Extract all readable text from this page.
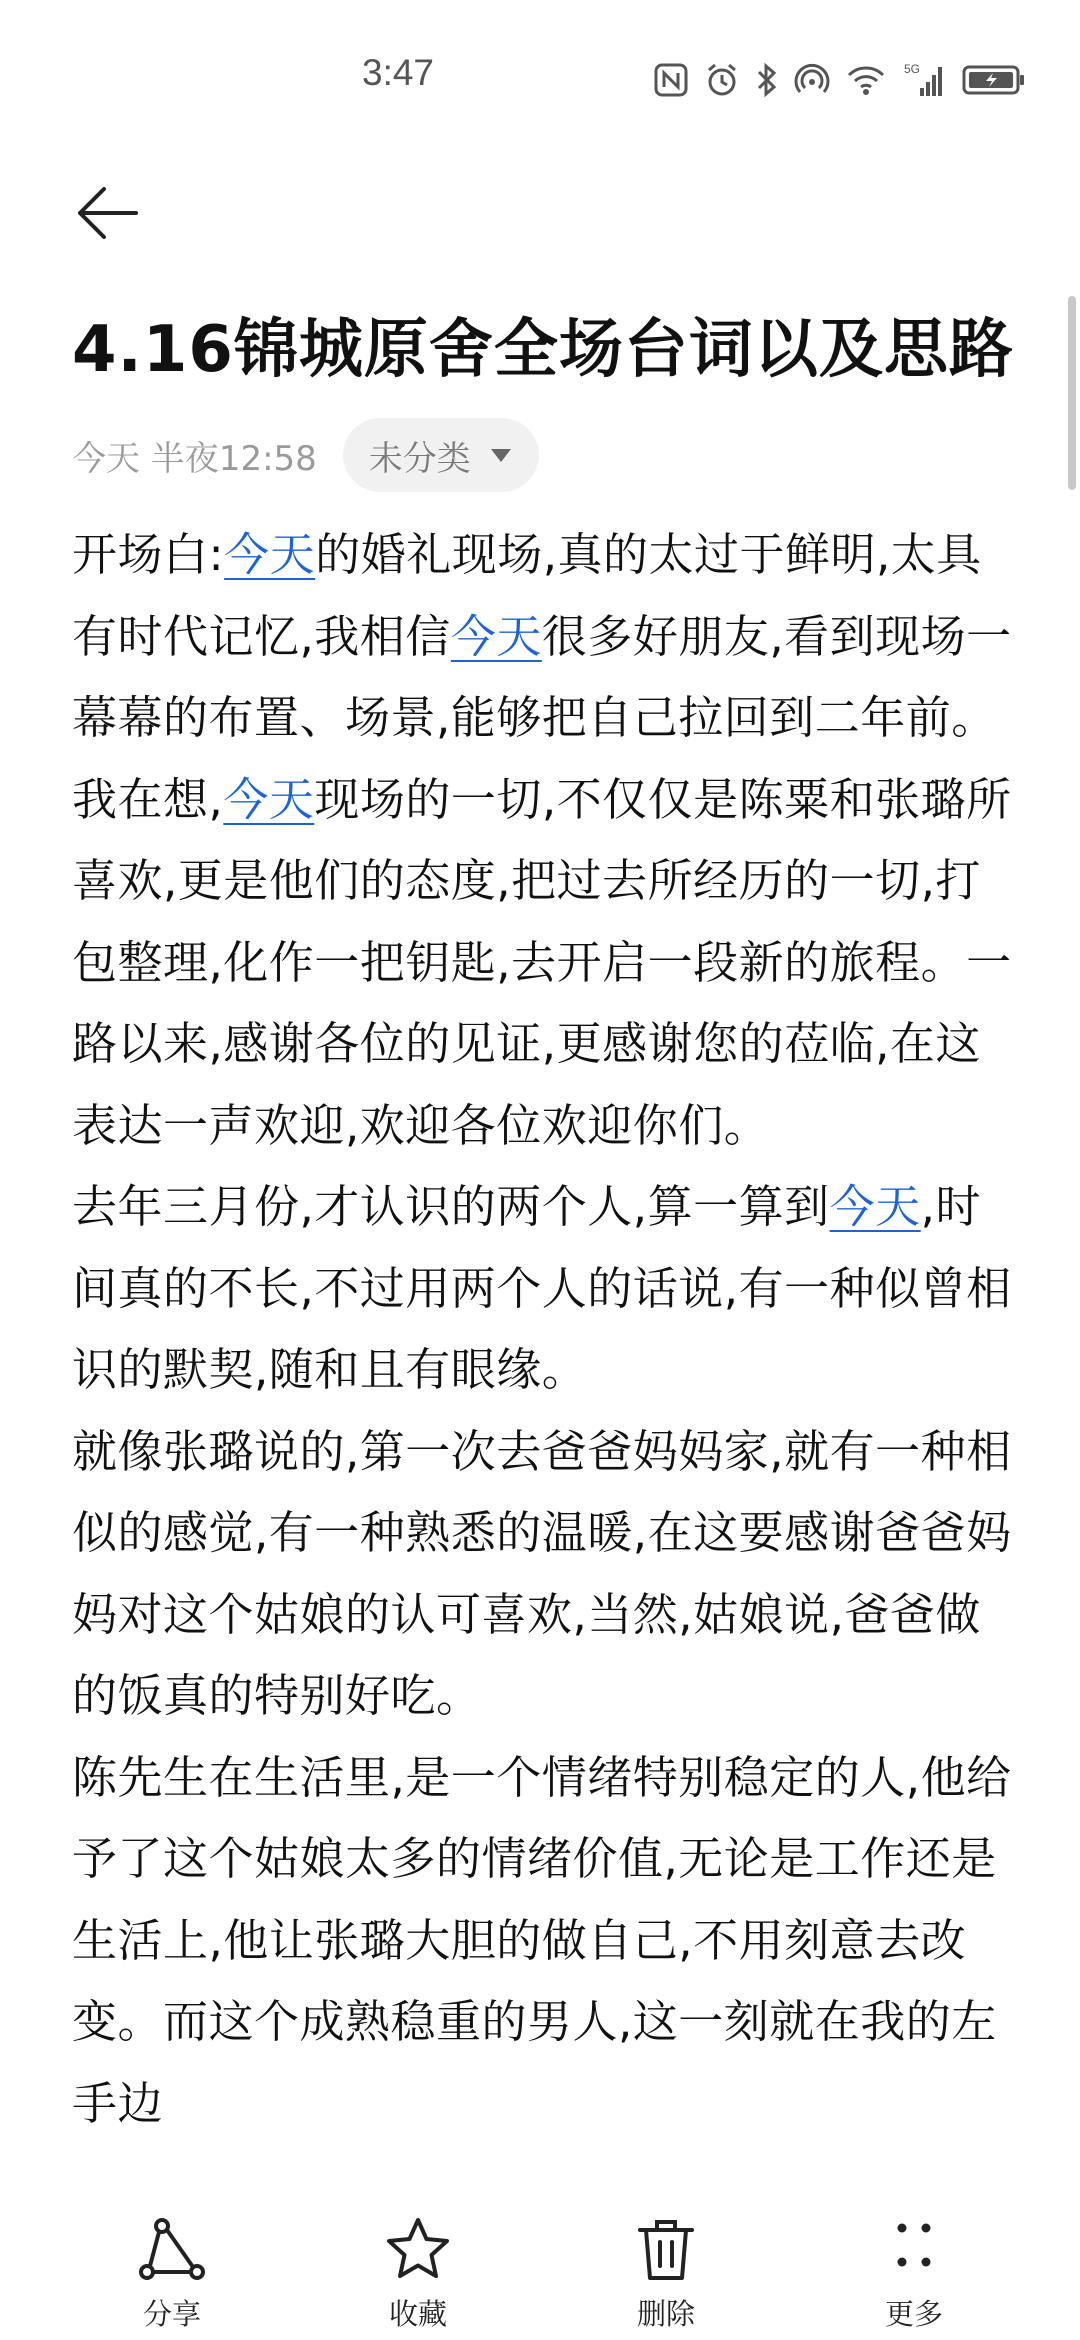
3:47	5G
4.16锦城原舍全场台词以及思路
今天 半夜12:58 未分类

开场白:今天的婚礼现场,真的太过于鲜明,太具有时代记忆,我相信今天很多好朋友,看到现场一幕幕的布置、场景,能够把自己拉回到二年前。我在想,今天现场的一切,不仅仅是陈粟和张璐所喜欢,更是他们的态度,把过去所经历的一切,打包整理,化作一把钥匙,去开启一段新的旅程。一路以来,感谢各位的见证,更感谢您的莅临,在这表达一声欢迎,欢迎各位欢迎你们。

去年三月份,才认识的两个人,算一算到今天,时间真的不长,不过用两个人的话说,有一种似曾相识的默契,随和且有眼缘。

就像张璐说的,第一次去爸爸妈妈家,就有一种相似的感觉,有一种熟悉的温暖,在这要感谢爸爸妈妈对这个姑娘的认可喜欢,当然,姑娘说,爸爸做的饭真的特别好吃。

陈先生在生活里,是一个情绪特别稳定的人,他给予了这个姑娘太多的情绪价值,无论是工作还是生活上,他让张璐大胆的做自己,不用刻意去改变。而这个成熟稳重的男人,这一刻就在我的左手边

分享	收藏	删除	更多
